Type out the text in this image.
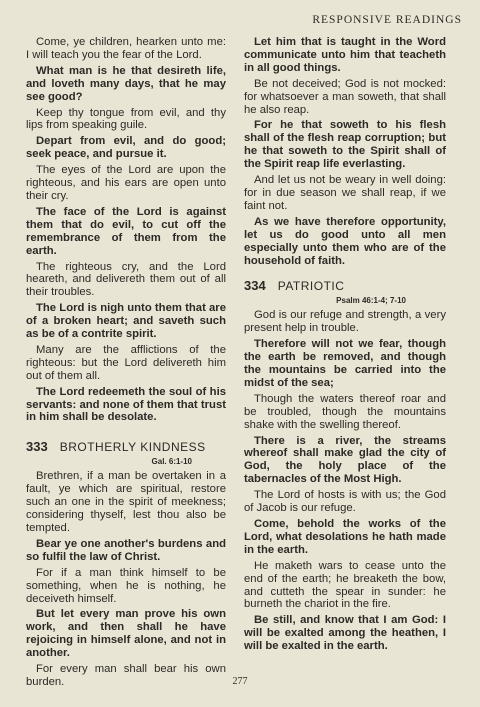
RESPONSIVE READINGS

Come, ye children, hearken unto me: I will teach you the fear of the Lord.

What man is he that desireth life, and loveth many days, that he may see good?

Keep thy tongue from evil, and thy lips from speaking guile.

Depart from evil, and do good; seek peace, and pursue it.

The eyes of the Lord are upon the righteous, and his ears are open unto their cry.

The face of the Lord is against them that do evil, to cut off the remembrance of them from the earth.

The righteous cry, and the Lord heareth, and delivereth them out of all their troubles.

The Lord is nigh unto them that are of a broken heart; and saveth such as be of a contrite spirit.

Many are the afflictions of the righteous: but the Lord delivereth him out of them all.

The Lord redeemeth the soul of his servants: and none of them that trust in him shall be desolate.

333 BROTHERLY KINDNESS
Gal. 6:1-10

Brethren, if a man be overtaken in a fault, ye which are spiritual, restore such an one in the spirit of meekness; considering thyself, lest thou also be tempted.

Bear ye one another's burdens and so fulfil the law of Christ.

For if a man think himself to be something, when he is nothing, he deceiveth himself.

But let every man prove his own work, and then shall he have rejoicing in himself alone, and not in another.

For every man shall bear his own burden.

Let him that is taught in the Word communicate unto him that teacheth in all good things.

Be not deceived; God is not mocked: for whatsoever a man soweth, that shall he also reap.

For he that soweth to his flesh shall of the flesh reap corruption; but he that soweth to the Spirit shall of the Spirit reap life everlasting.

And let us not be weary in well doing: for in due season we shall reap, if we faint not.

As we have therefore opportunity, let us do good unto all men especially unto them who are of the household of faith.

334 PATRIOTIC
Psalm 46:1-4; 7-10

God is our refuge and strength, a very present help in trouble.

Therefore will not we fear, though the earth be removed, and though the mountains be carried into the midst of the sea;

Though the waters thereof roar and be troubled, though the mountains shake with the swelling thereof.

There is a river, the streams whereof shall make glad the city of God, the holy place of the tabernacles of the Most High.

The Lord of hosts is with us; the God of Jacob is our refuge.

Come, behold the works of the Lord, what desolations he hath made in the earth.

He maketh wars to cease unto the end of the earth; he breaketh the bow, and cutteth the spear in sunder: he burneth the chariot in the fire.

Be still, and know that I am God: I will be exalted among the heathen, I will be exalted in the earth.

277
